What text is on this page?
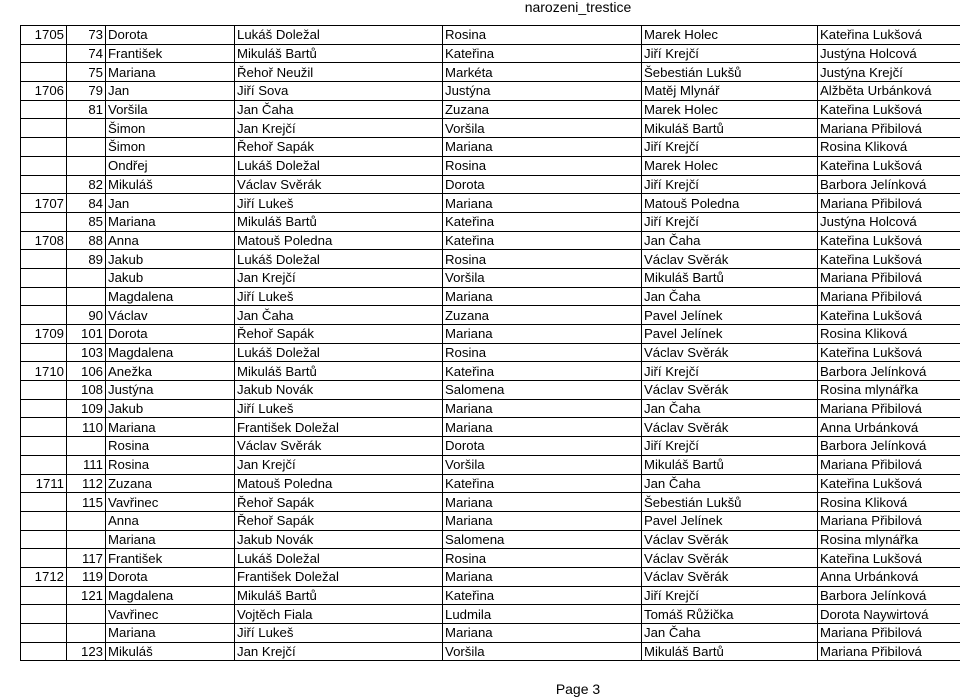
narozeni_trestice
1705	73	Dorota	Lukáš Doležal	Rosina	Marek Holec	Kateřina Lukšová
	74	František	Mikuláš Bartů	Kateřina	Jiří Krejčí	Justýna Holcová
	75	Mariana	Řehoř Neužil	Markéta	Šebestián Lukšů	Justýna Krejčí
1706	79	Jan	Jiří Sova	Justýna	Matěj Mlynář	Alžběta Urbánková
	81	Voršila	Jan Čaha	Zuzana	Marek Holec	Kateřina Lukšová
		Šimon	Jan Krejčí	Voršila	Mikuláš Bartů	Mariana Přibilová
		Šimon	Řehoř Sapák	Mariana	Jiří Krejčí	Rosina Kliková
		Ondřej	Lukáš Doležal	Rosina	Marek Holec	Kateřina Lukšová
	82	Mikuláš	Václav Svěrák	Dorota	Jiří Krejčí	Barbora Jelínková
1707	84	Jan	Jiří Lukeš	Mariana	Matouš Poledna	Mariana Přibilová
	85	Mariana	Mikuláš Bartů	Kateřina	Jiří Krejčí	Justýna Holcová
1708	88	Anna	Matouš Poledna	Kateřina	Jan Čaha	Kateřina Lukšová
	89	Jakub	Lukáš Doležal	Rosina	Václav Svěrák	Kateřina Lukšová
		Jakub	Jan Krejčí	Voršila	Mikuláš Bartů	Mariana Přibilová
		Magdalena	Jiří Lukeš	Mariana	Jan Čaha	Mariana Přibilová
	90	Václav	Jan Čaha	Zuzana	Pavel Jelínek	Kateřina Lukšová
1709	101	Dorota	Řehoř Sapák	Mariana	Pavel Jelínek	Rosina Kliková
	103	Magdalena	Lukáš Doležal	Rosina	Václav Svěrák	Kateřina Lukšová
1710	106	Anežka	Mikuláš Bartů	Kateřina	Jiří Krejčí	Barbora Jelínková
	108	Justýna	Jakub Novák	Salomena	Václav Svěrák	Rosina mlynářka
	109	Jakub	Jiří Lukeš	Mariana	Jan Čaha	Mariana Přibilová
	110	Mariana	František Doležal	Mariana	Václav Svěrák	Anna Urbánková
		Rosina	Václav Svěrák	Dorota	Jiří Krejčí	Barbora Jelínková
	111	Rosina	Jan Krejčí	Voršila	Mikuláš Bartů	Mariana Přibilová
1711	112	Zuzana	Matouš Poledna	Kateřina	Jan Čaha	Kateřina Lukšová
	115	Vavřinec	Řehoř Sapák	Mariana	Šebestián Lukšů	Rosina Kliková
		Anna	Řehoř Sapák	Mariana	Pavel Jelínek	Mariana Přibilová
		Mariana	Jakub Novák	Salomena	Václav Svěrák	Rosina mlynářka
	117	František	Lukáš Doležal	Rosina	Václav Svěrák	Kateřina Lukšová
1712	119	Dorota	František Doležal	Mariana	Václav Svěrák	Anna Urbánková
	121	Magdalena	Mikuláš Bartů	Kateřina	Jiří Krejčí	Barbora Jelínková
		Vavřinec	Vojtěch Fiala	Ludmila	Tomáš Růžička	Dorota Naywirtová
		Mariana	Jiří Lukeš	Mariana	Jan Čaha	Mariana Přibilová
	123	Mikuláš	Jan Krejčí	Voršila	Mikuláš Bartů	Mariana Přibilová
Page 3
